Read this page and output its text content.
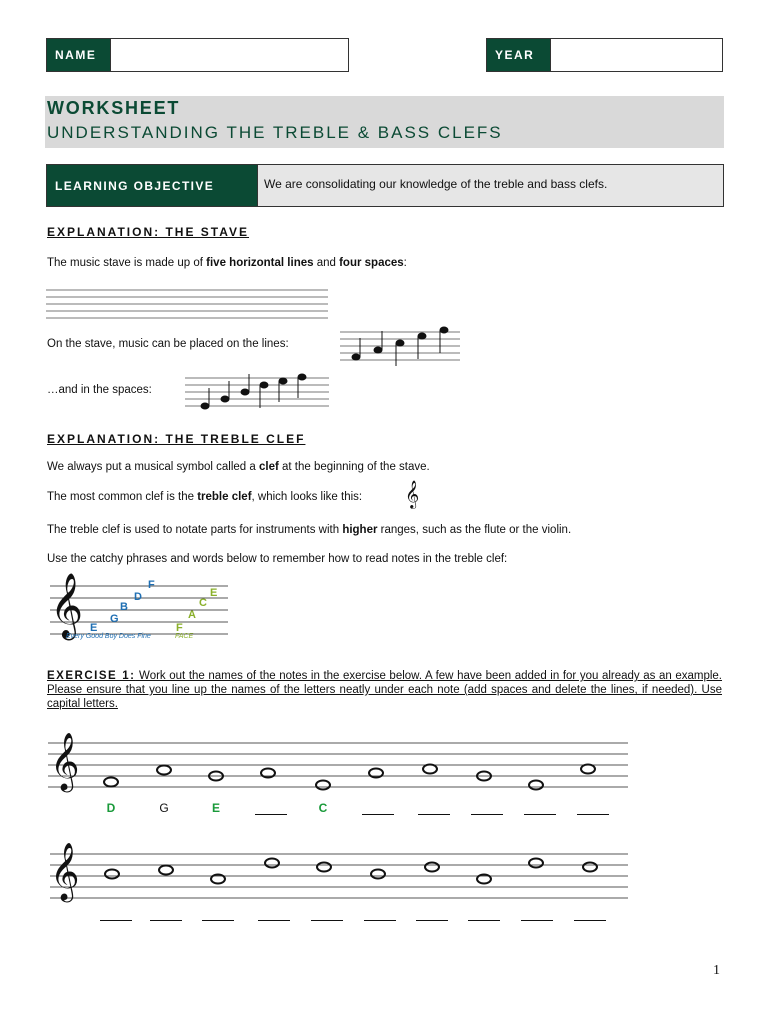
NAME	YEAR
WORKSHEET
UNDERSTANDING THE TREBLE & BASS CLEFS
LEARNING OBJECTIVE	We are consolidating our knowledge of the treble and bass clefs.
EXPLANATION: THE STAVE
The music stave is made up of five horizontal lines and four spaces:
On the stave, music can be placed on the lines:
…and in the spaces:
EXPLANATION: THE TREBLE CLEF
We always put a musical symbol called a clef at the beginning of the stave.
The most common clef is the treble clef, which looks like this: 𝄞
The treble clef is used to notate parts for instruments with higher ranges, such as the flute or the violin.
Use the catchy phrases and words below to remember how to read notes in the treble clef:
𝄞 E
G
B
D
F
F
A
C
E
Every Good Boy Does Fine	FACE
EXERCISE 1: Work out the names of the notes in the exercise below. A few have been added in for you already as an example. Please ensure that you line up the names of the letters neatly under each note (add spaces and delete the lines, if needed). Use capital letters.
𝄞
D	G	E	C
𝄞
1
